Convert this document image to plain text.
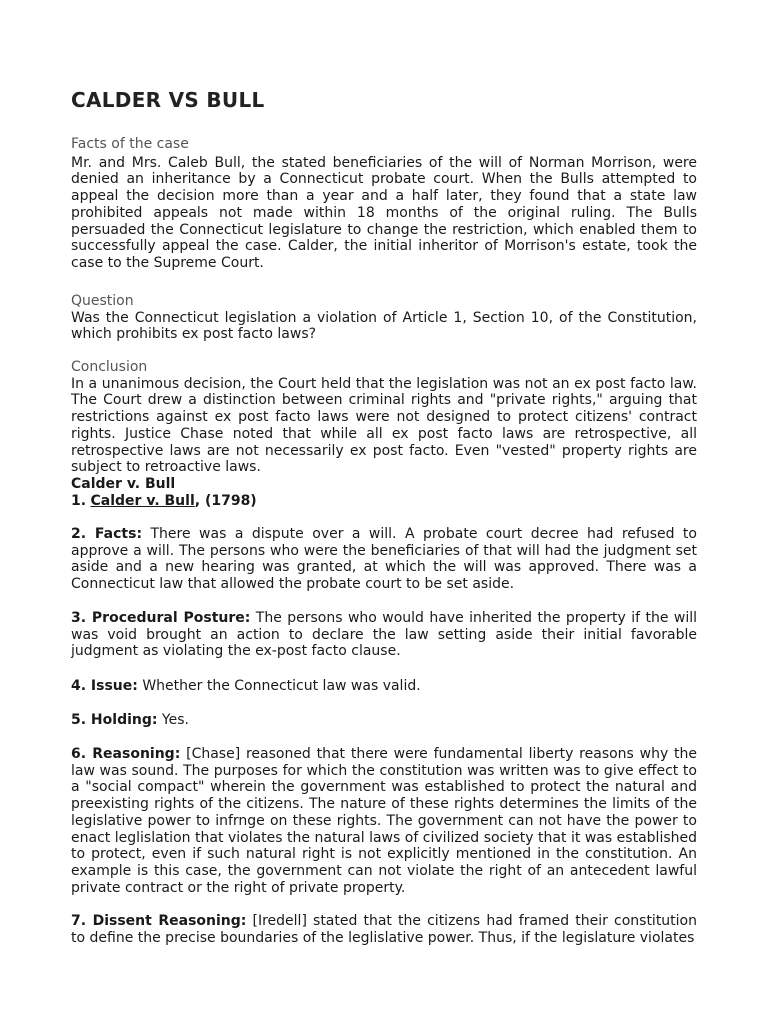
CALDER VS BULL
Facts of the case

Mr. and Mrs. Caleb Bull, the stated beneficiaries of the will of Norman Morrison, were denied an inheritance by a Connecticut probate court. When the Bulls attempted to appeal the decision more than a year and a half later, they found that a state law prohibited appeals not made within 18 months of the original ruling. The Bulls persuaded the Connecticut legislature to change the restriction, which enabled them to successfully appeal the case. Calder, the initial inheritor of Morrison's estate, took the case to the Supreme Court.

Question

Was the Connecticut legislation a violation of Article 1, Section 10, of the Constitution, which prohibits ex post facto laws?

Conclusion

In a unanimous decision, the Court held that the legislation was not an ex post facto law. The Court drew a distinction between criminal rights and "private rights," arguing that restrictions against ex post facto laws were not designed to protect citizens' contract rights. Justice Chase noted that while all ex post facto laws are retrospective, all retrospective laws are not necessarily ex post facto. Even "vested" property rights are subject to retroactive laws.

Calder v. Bull
1. Calder v. Bull, (1798)

2. Facts: There was a dispute over a will. A probate court decree had refused to approve a will. The persons who were the beneficiaries of that will had the judgment set aside and a new hearing was granted, at which the will was approved. There was a Connecticut law that allowed the probate court to be set aside.

3. Procedural Posture: The persons who would have inherited the property if the will was void brought an action to declare the law setting aside their initial favorable judgment as violating the ex-post facto clause.

4. Issue: Whether the Connecticut law was valid.

5. Holding: Yes.

6. Reasoning: [Chase] reasoned that there were fundamental liberty reasons why the law was sound. The purposes for which the constitution was written was to give effect to a "social compact" wherein the government was established to protect the natural and preexisting rights of the citizens. The nature of these rights determines the limits of the legislative power to infrnge on these rights. The government can not have the power to enact leglislation that violates the natural laws of civilized society that it was established to protect, even if such natural right is not explicitly mentioned in the constitution. An example is this case, the government can not violate the right of an antecedent lawful private contract or the right of private property.

7. Dissent Reasoning: [Iredell] stated that the citizens had framed their constitution to define the precise boundaries of the leglislative power. Thus, if the legislature violates
